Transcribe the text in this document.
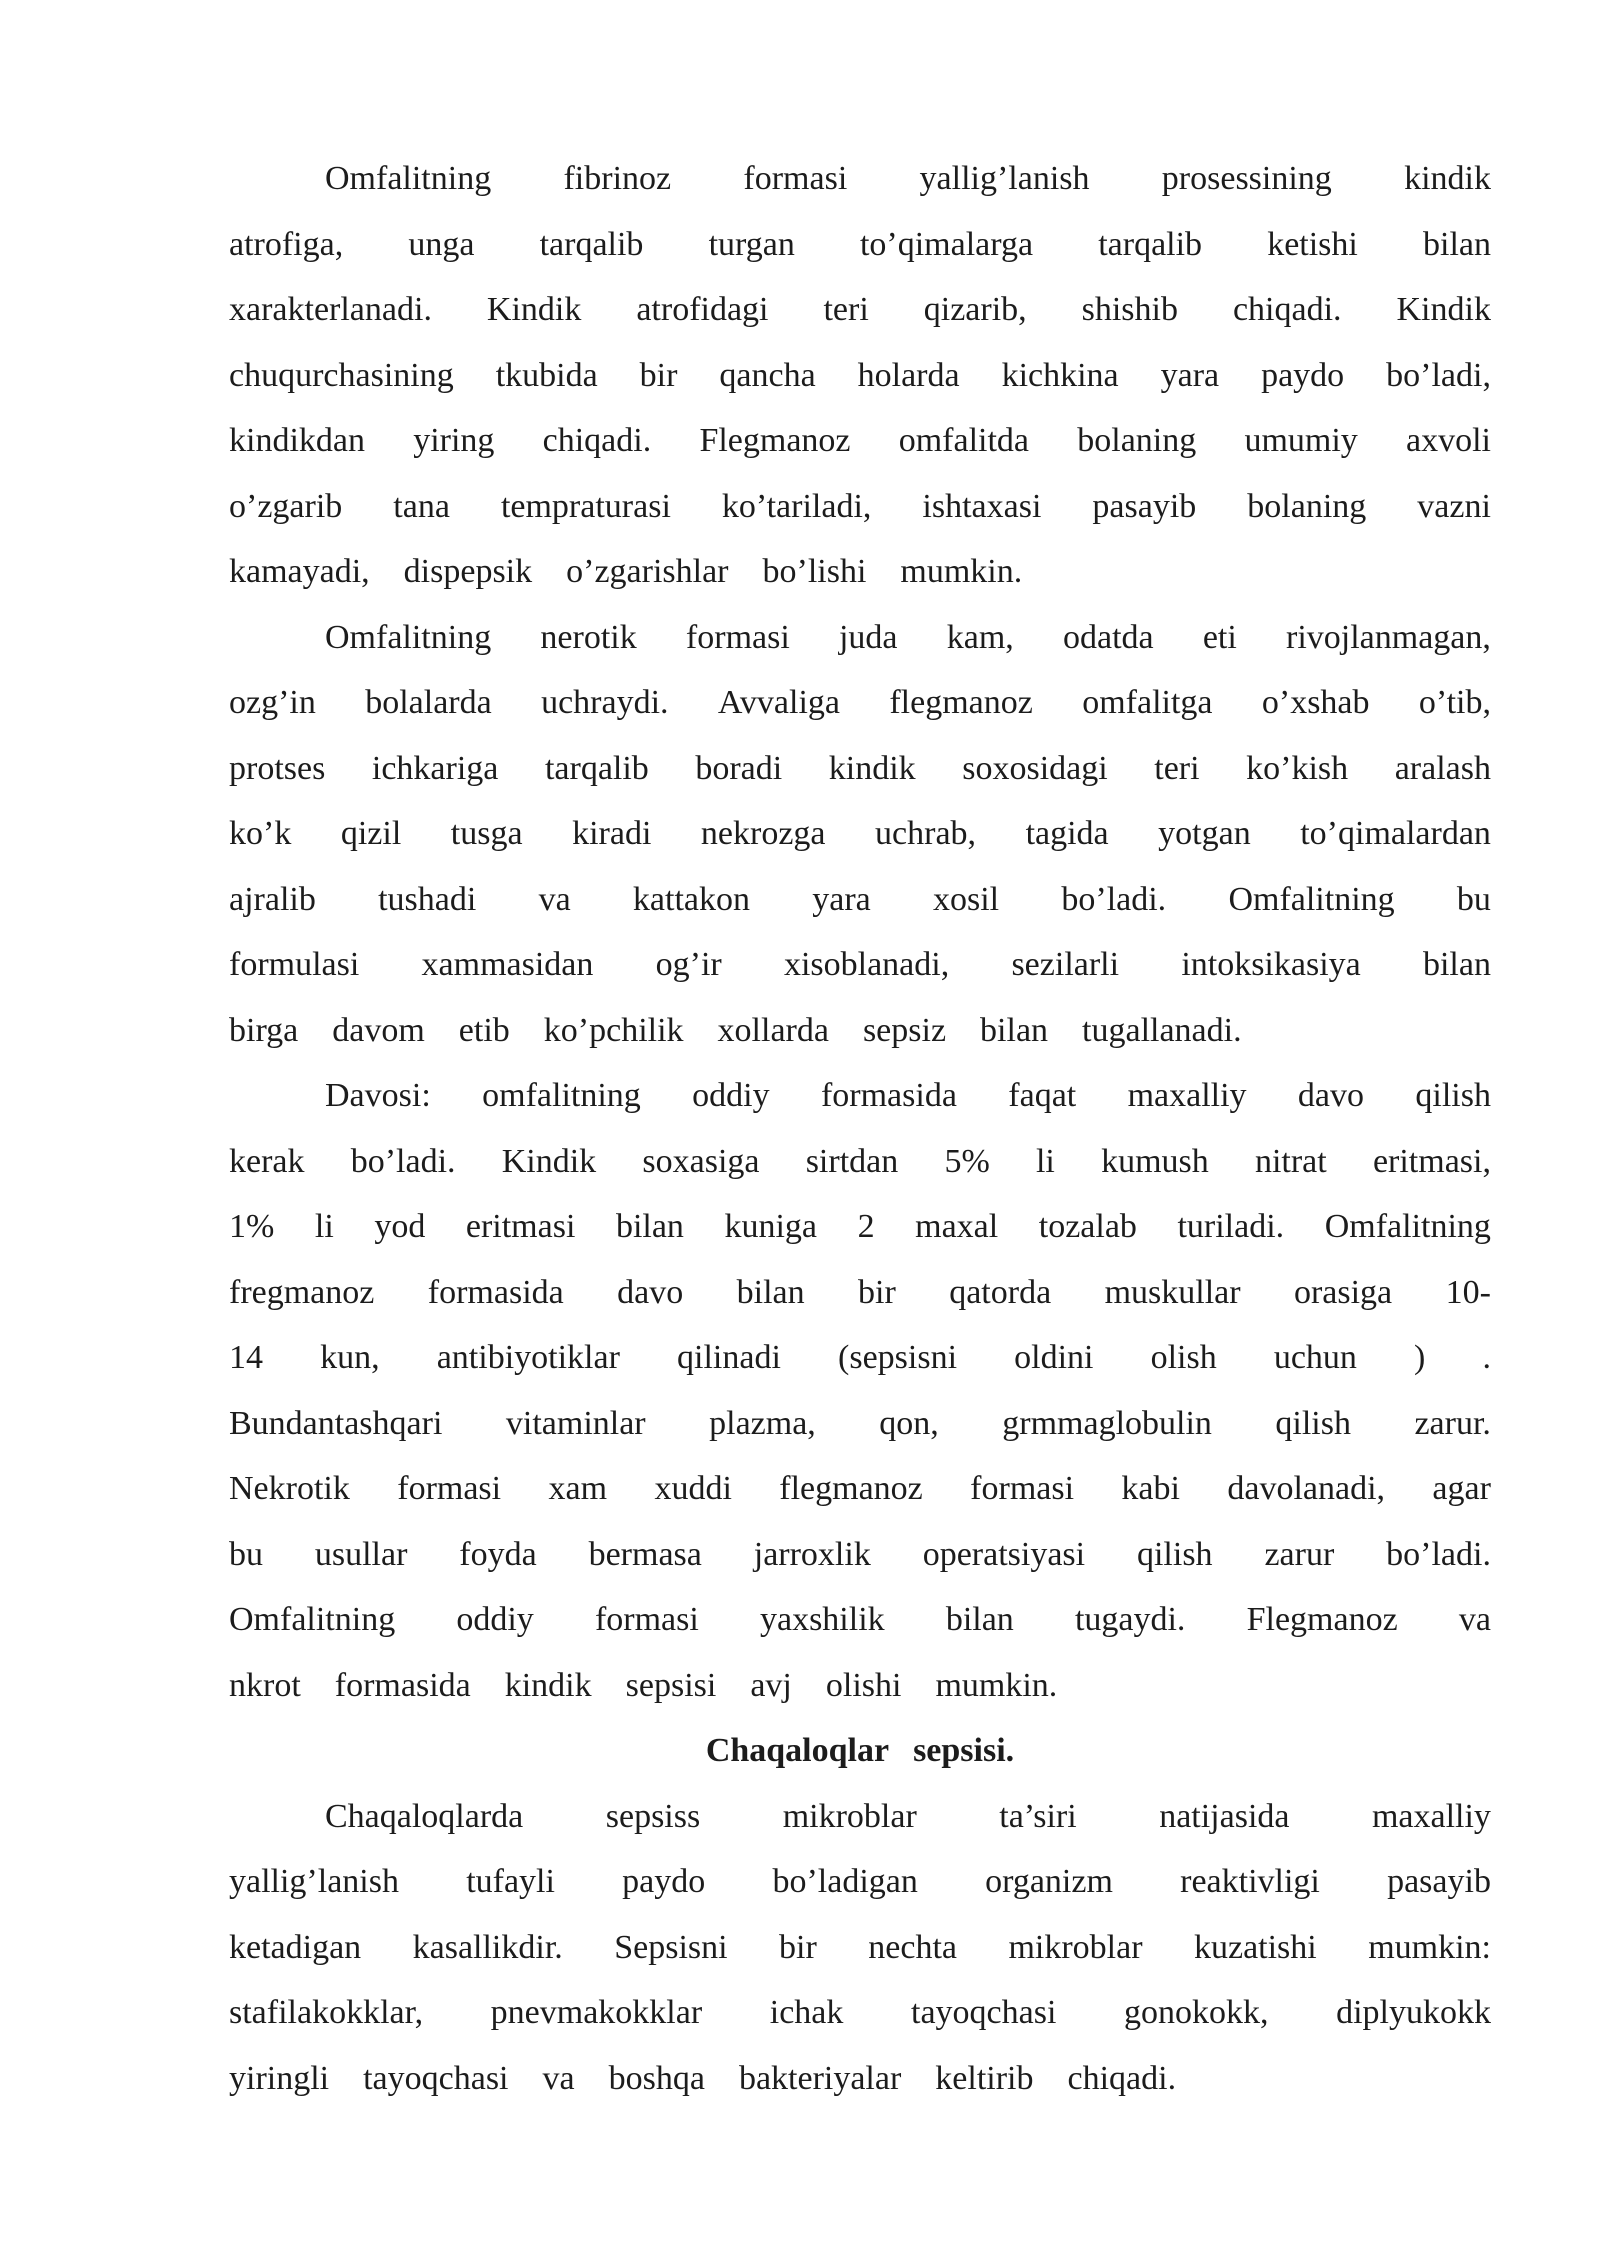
Omfalitning fibrinoz formasi yallig’lanish prosessining kindik
atrofiga, unga tarqalib turgan to’qimalarga tarqalib ketishi bilan
xarakterlanadi. Kindik atrofidagi teri qizarib, shishib chiqadi. Kindik
chuqurchasining tkubida bir qancha holarda kichkina yara paydo bo’ladi,
kindikdan yiring chiqadi. Flegmanoz omfalitda bolaning umumiy axvoli
o’zgarib tana tempraturasi ko’tariladi, ishtaxasi pasayib bolaning vazni
kamayadi, dispepsik o’zgarishlar bo’lishi mumkin.
Omfalitning nerotik formasi juda kam, odatda eti rivojlanmagan,
ozg’in bolalarda uchraydi. Avvaliga flegmanoz omfalitga o’xshab o’tib,
protses ichkariga tarqalib boradi kindik soxosidagi teri ko’kish aralash
ko’k qizil tusga kiradi nekrozga uchrab, tagida yotgan to’qimalardan
ajralib tushadi va kattakon yara xosil bo’ladi. Omfalitning bu
formulasi xammasidan og’ir xisoblanadi, sezilarli intoksikasiya bilan
birga davom etib ko’pchilik xollarda sepsiz bilan tugallanadi.
Davosi: omfalitning oddiy formasida faqat maxalliy davo qilish
kerak bo’ladi. Kindik soxasiga sirtdan 5% li kumush nitrat eritmasi,
1% li yod eritmasi bilan kuniga 2 maxal tozalab turiladi. Omfalitning
fregmanoz formasida davo bilan bir qatorda muskullar orasiga 10-
14 kun, antibiyotiklar qilinadi (sepsisni oldini olish uchun ) .
Bundantashqari vitaminlar plazma, qon, grmmaglobulin qilish zarur.
Nekrotik formasi xam xuddi flegmanoz formasi kabi davolanadi, agar
bu usullar foyda bermasa jarroxlik operatsiyasi qilish zarur bo’ladi.
Omfalitning oddiy formasi yaxshilik bilan tugaydi. Flegmanoz va
nkrot formasida kindik sepsisi avj olishi mumkin.
Chaqaloqlar sepsisi.
Chaqaloqlarda sepsiss mikroblar ta’siri natijasida maxalliy
yallig’lanish tufayli paydo bo’ladigan organizm reaktivligi pasayib
ketadigan kasallikdir. Sepsisni bir nechta mikroblar kuzatishi mumkin:
stafilakokklar, pnevmakokklar ichak tayoqchasi gonokokk, diplyukokk
yiringli tayoqchasi va boshqa bakteriyalar keltirib chiqadi.
